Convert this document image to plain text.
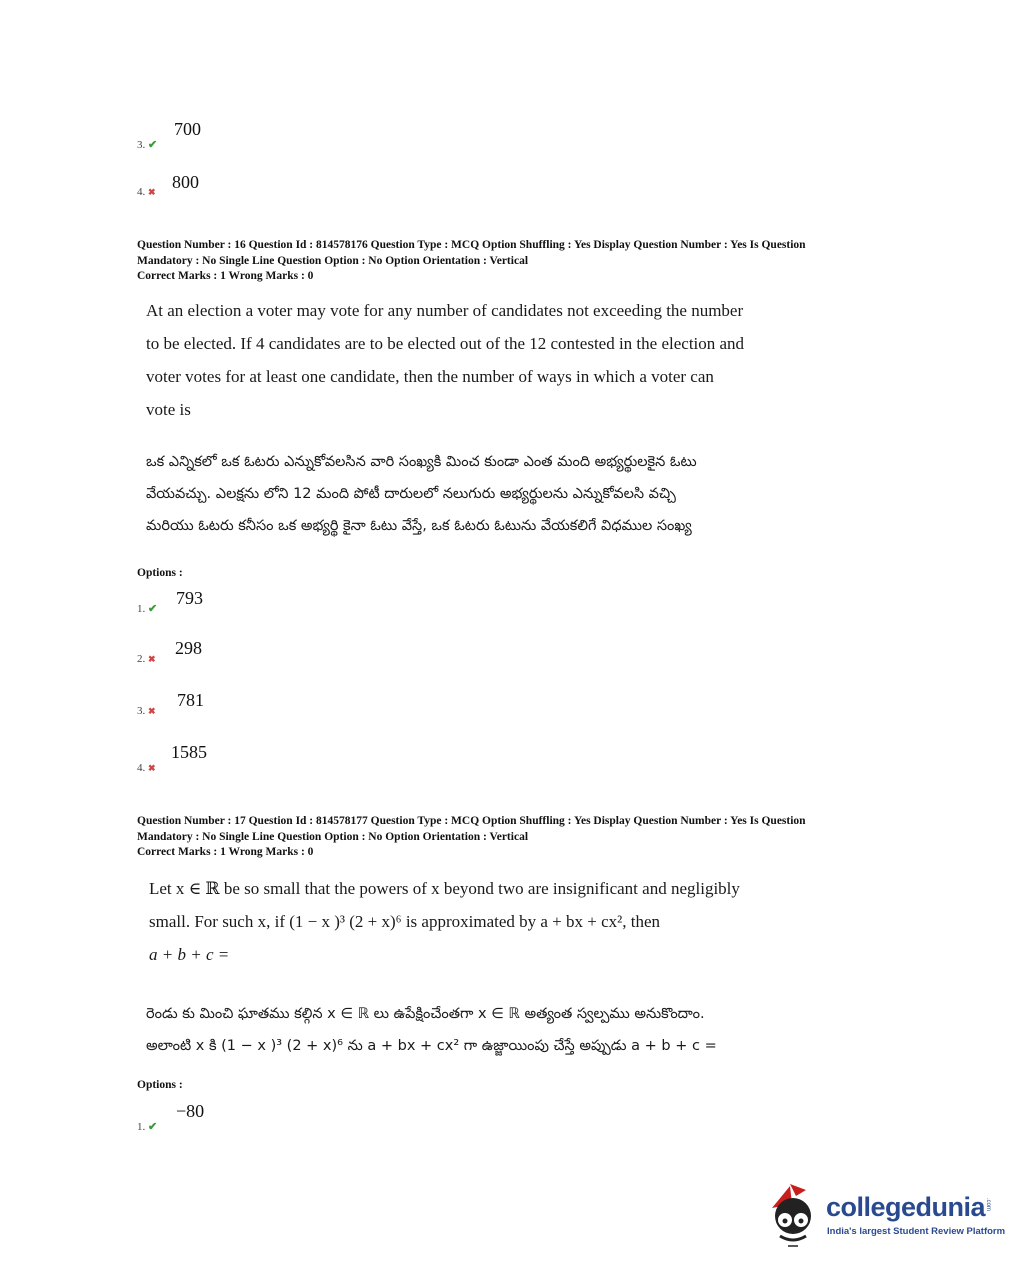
3. ✔
700
4. ✖ 800
Question Number : 16 Question Id : 814578176 Question Type : MCQ Option Shuffling : Yes Display Question Number : Yes Is Question
Mandatory : No Single Line Question Option : No Option Orientation : Vertical
Correct Marks : 1 Wrong Marks : 0
At an election a voter may vote for any number of candidates not exceeding the number
to be elected. If 4 candidates are to be elected out of the 12 contested in the election and
voter votes for at least one candidate, then the number of ways in which a voter can
vote is
ఒక ఎన్నికలో ఒక ఓటరు ఎన్నుకోవలసిన వారి సంఖ్యకి మించ కుండా ఎంత మంది అభ్యర్థులకైన ఓటు
వేయవచ్చు. ఎలక్షను లోని 12 మంది పోటీ దారులలో నలుగురు అభ్యర్థులను ఎన్నుకోవలసి వచ్చి
మరియు ఓటరు కనీసం ఒక అభ్యర్థి కైనా ఓటు వేస్తే, ఒక ఓటరు ఓటును వేయకలిగే విధముల సంఖ్య
Options :
1. ✔
793
2. ✖
298
3. ✖
781
4. ✖
1585
Question Number : 17 Question Id : 814578177 Question Type : MCQ Option Shuffling : Yes Display Question Number : Yes Is Question
Mandatory : No Single Line Question Option : No Option Orientation : Vertical
Correct Marks : 1 Wrong Marks : 0
Let x ∈ ℝ be so small that the powers of x beyond two are insignificant and negligibly
small. For such x, if (1 − x )³ (2 + x)⁶ is approximated by a + bx + cx², then
a + b + c =
రెండు కు మించి ఘాతము కల్గిన x ∈ ℝ లు ఉపేక్షించేంతగా x ∈ ℝ అత్యంత స్వల్పము అనుకొందాం.
అలాంటి x కి (1 − x )³ (2 + x)⁶ ను a + bx + cx² గా ఉజ్జాయింపు చేస్తే అప్పుడు a + b + c =
Options :
1. ✔
−80
collegedunia .com
India's largest Student Review Platform
